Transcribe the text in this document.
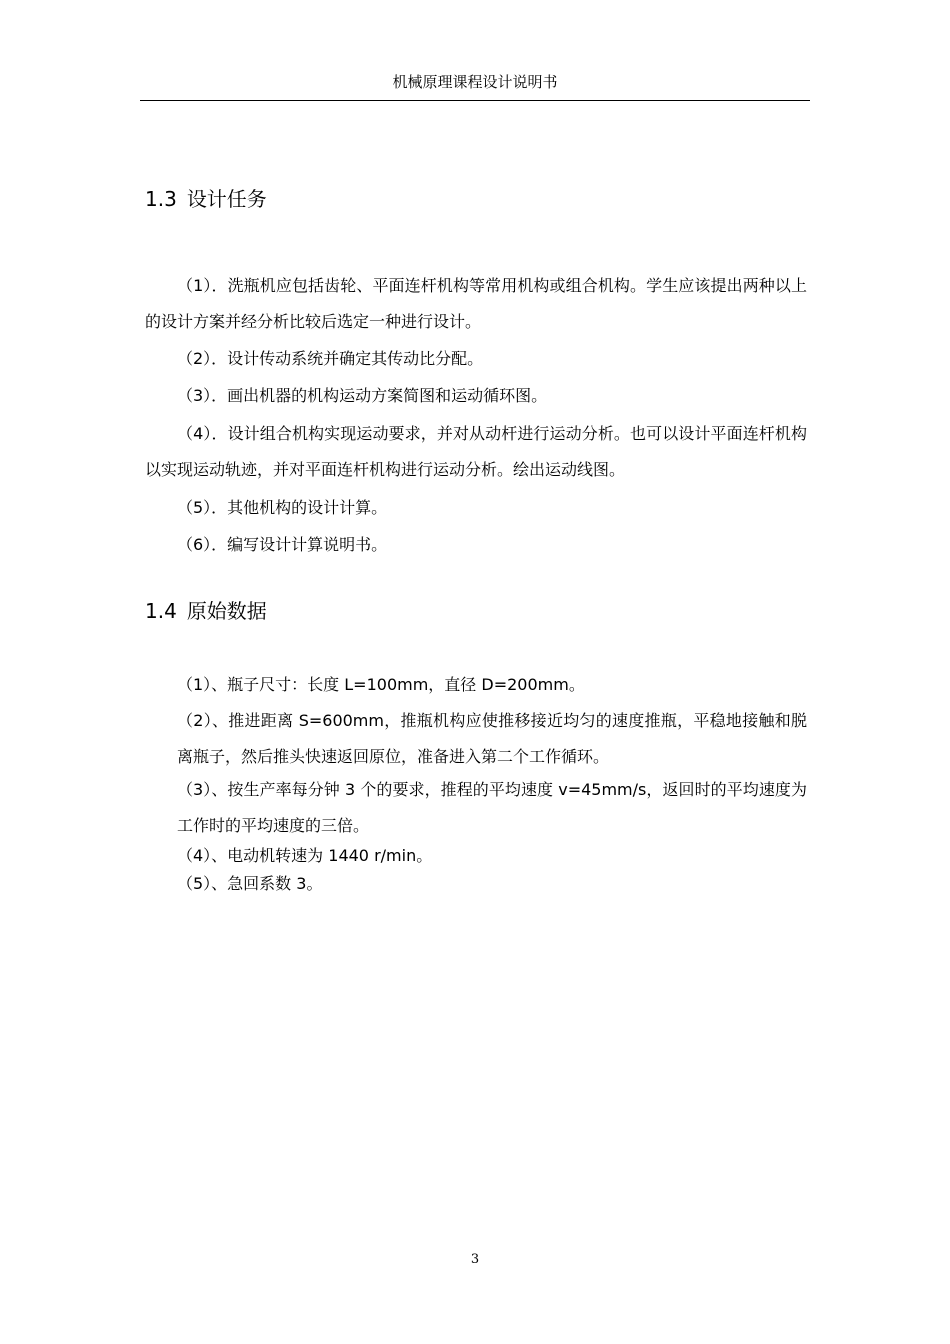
机械原理课程设计说明书
1.3 设计任务
（1）．洗瓶机应包括齿轮、平面连杆机构等常用机构或组合机构。学生应该提出两种以上的设计方案并经分析比较后选定一种进行设计。
（2）．设计传动系统并确定其传动比分配。
（3）．画出机器的机构运动方案简图和运动循环图。
（4）．设计组合机构实现运动要求，并对从动杆进行运动分析。也可以设计平面连杆机构以实现运动轨迹，并对平面连杆机构进行运动分析。绘出运动线图。
（5）．其他机构的设计计算。
（6）．编写设计计算说明书。
1.4 原始数据
（1）、瓶子尺寸：长度 L=100mm，直径 D=200mm。
（2）、推进距离 S=600mm，推瓶机构应使推移接近均匀的速度推瓶，平稳地接触和脱离瓶子，然后推头快速返回原位，准备进入第二个工作循环。
（3）、按生产率每分钟 3 个的要求，推程的平均速度 v=45mm/s，返回时的平均速度为工作时的平均速度的三倍。
（4）、电动机转速为 1440 r/min。
（5）、急回系数 3。
3
